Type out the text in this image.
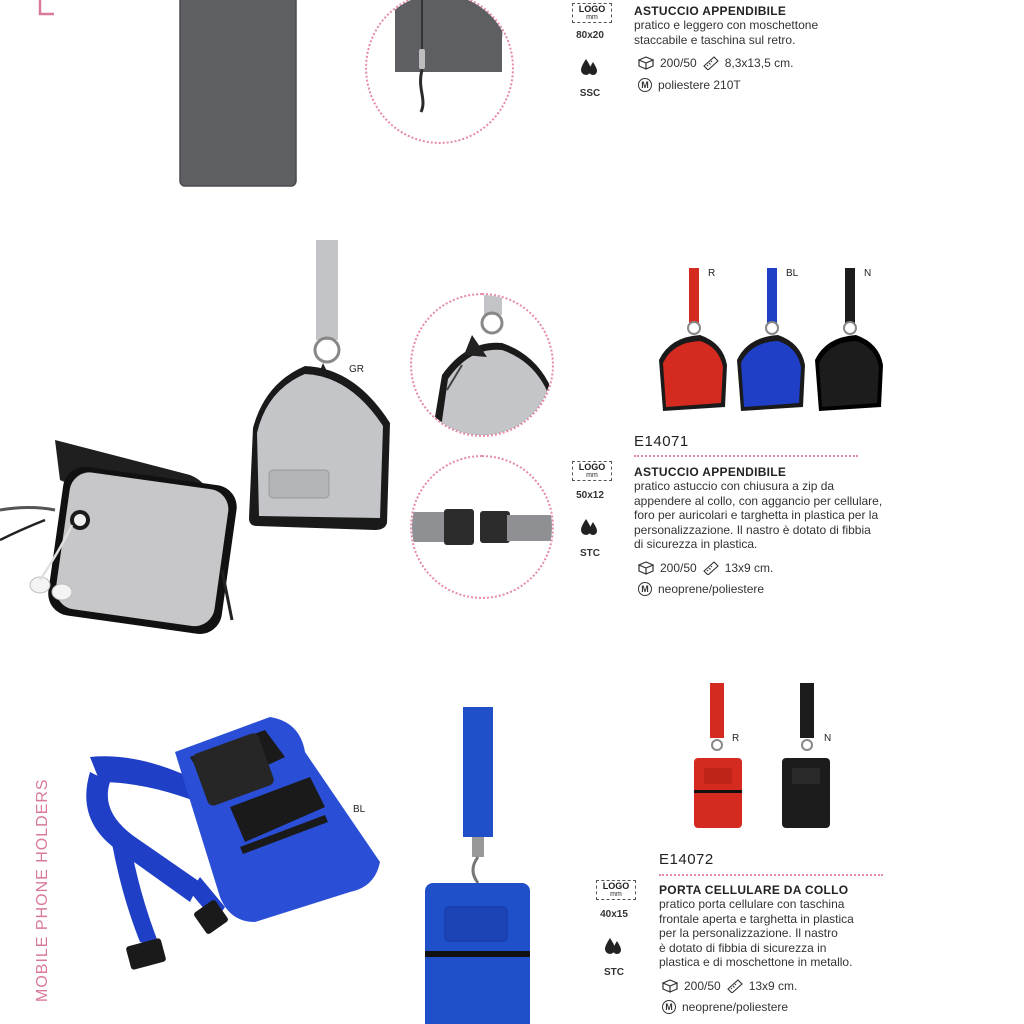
MOBILE PHONE HOLDERS
LOGO
mm
80x20
SSC
ASTUCCIO APPENDIBILE
pratico e leggero con moschettone
staccabile e taschina sul retro.
200/50 8,3x13,5 cm.
M poliestere 210T
GR
R	BL	N
E14071
LOGO
mm
50x12
STC
ASTUCCIO APPENDIBILE
pratico astuccio con chiusura a zip da
appendere al collo, con aggancio per cellulare,
foro per auricolari e targhetta in plastica per la
personalizzazione. Il nastro è dotato di fibbia
di sicurezza in plastica.
200/50 13x9 cm.
M neoprene/poliestere
BL
R	N
E14072
LOGO
mm
40x15
STC
PORTA CELLULARE DA COLLO
pratico porta cellulare con taschina
frontale aperta e targhetta in plastica
per la personalizzazione. Il nastro
è dotato di fibbia di sicurezza in
plastica e di moschettone in metallo.
200/50 13x9 cm.
M neoprene/poliestere
